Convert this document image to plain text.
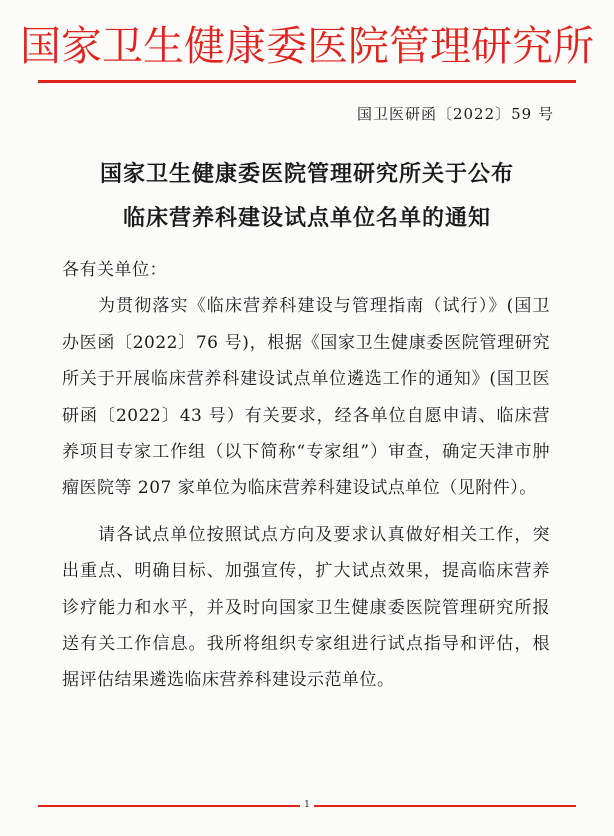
国家卫生健康委医院管理研究所
国卫医研函〔2022〕59 号
国家卫生健康委医院管理研究所关于公布
临床营养科建设试点单位名单的通知

各有关单位：

为贯彻落实《临床营养科建设与管理指南（试行）》(国卫办医函〔2022〕76 号)，根据《国家卫生健康委医院管理研究所关于开展临床营养科建设试点单位遴选工作的通知》(国卫医研函〔2022〕43 号）有关要求，经各单位自愿申请、临床营养项目专家工作组（以下简称“专家组”）审查，确定天津市肿瘤医院等 207 家单位为临床营养科建设试点单位（见附件）。

请各试点单位按照试点方向及要求认真做好相关工作，突出重点、明确目标、加强宣传，扩大试点效果，提高临床营养诊疗能力和水平，并及时向国家卫生健康委医院管理研究所报送有关工作信息。我所将组织专家组进行试点指导和评估，根据评估结果遴选临床营养科建设示范单位。

1
